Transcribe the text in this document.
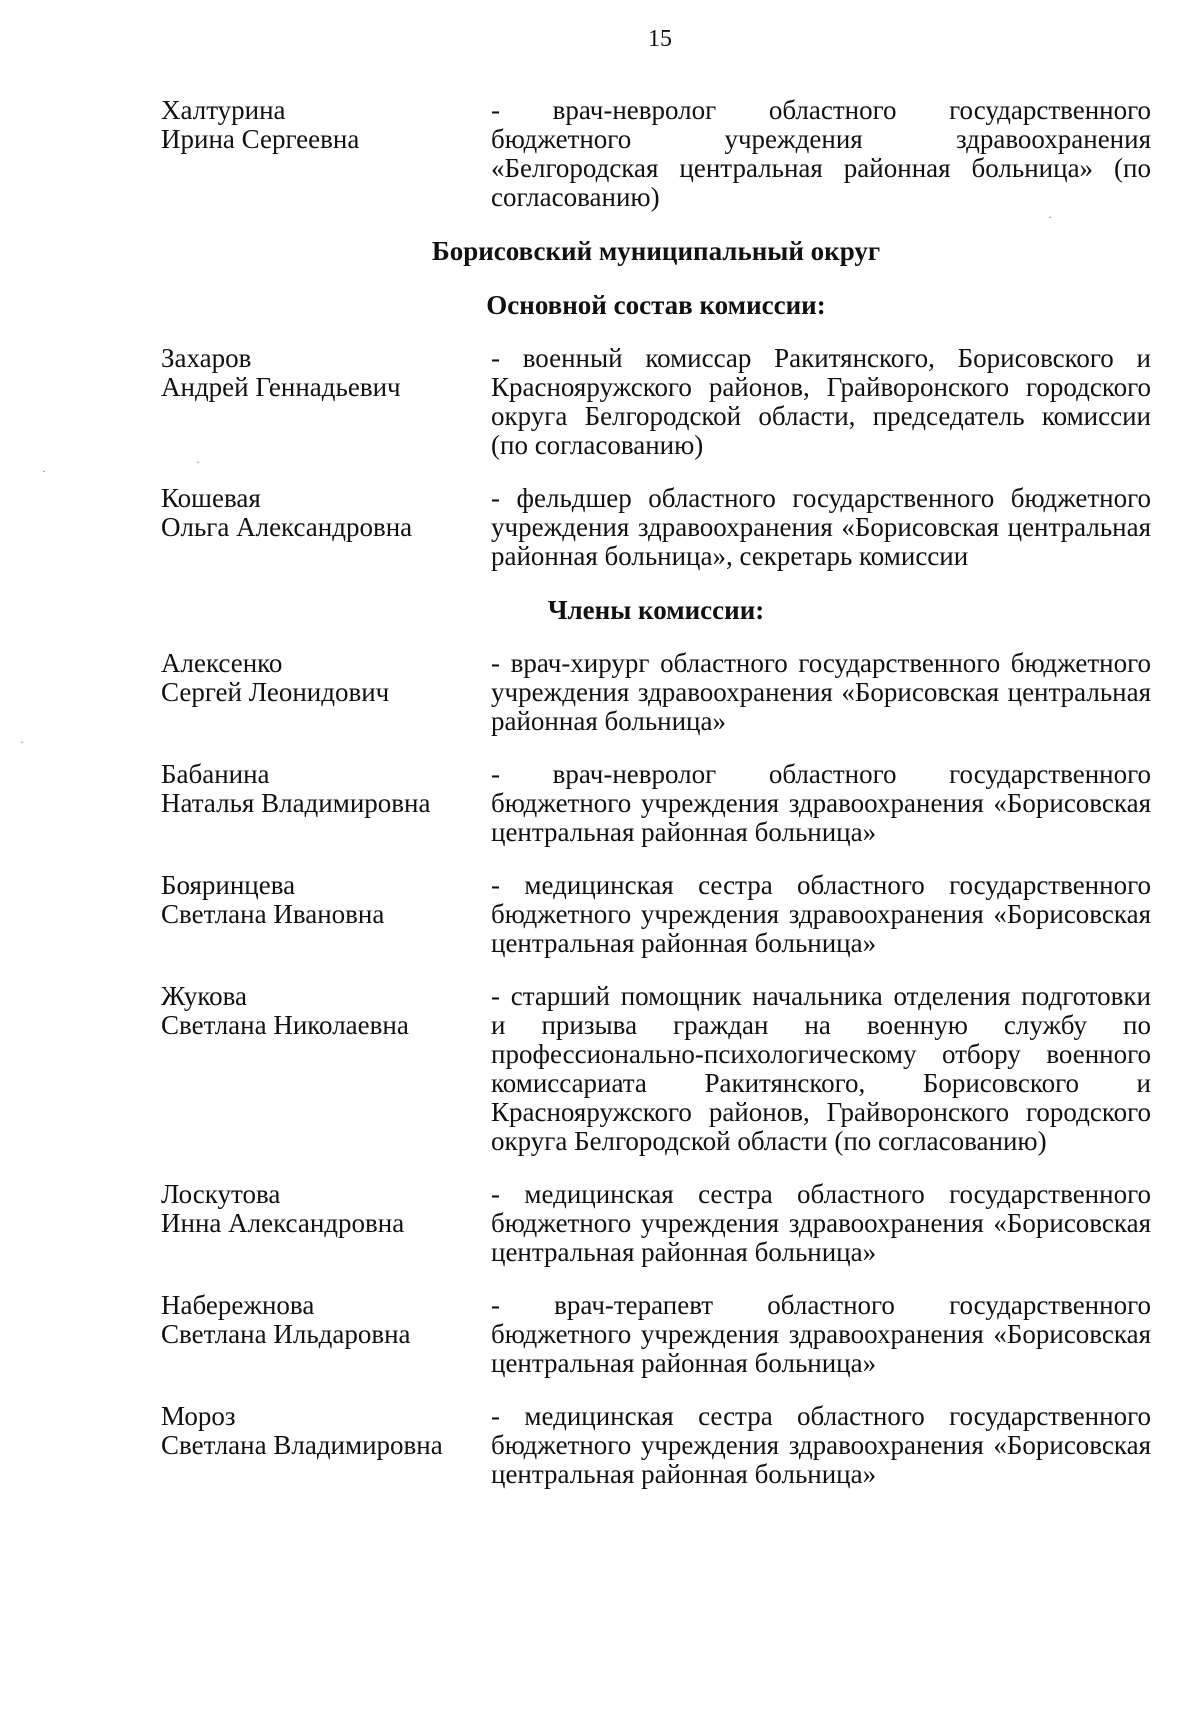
15
·
·
·
·
Халтурина
Ирина Сергеевна
- врач-невролог областного государственного бюджетного учреждения здравоохранения «Белгородская центральная районная больница» (по согласованию)
Борисовский муниципальный округ
Основной состав комиссии:
Захаров
Андрей Геннадьевич
- военный комиссар Ракитянского, Борисовского и Краснояружского районов, Грайворонского городского округа Белгородской области, председатель комиссии (по согласованию)
Кошевая
Ольга Александровна
- фельдшер областного государственного бюджетного учреждения здравоохранения «Борисовская центральная районная больница», секретарь комиссии
Члены комиссии:
Алексенко
Сергей Леонидович
- врач-хирург областного государственного бюджетного учреждения здравоохранения «Борисовская центральная районная больница»
Бабанина
Наталья Владимировна
- врач-невролог областного государственного бюджетного учреждения здравоохранения «Борисовская центральная районная больница»
Бояринцева
Светлана Ивановна
- медицинская сестра областного государственного бюджетного учреждения здравоохранения «Борисовская центральная районная больница»
Жукова
Светлана Николаевна
- старший помощник начальника отделения подготовки и призыва граждан на военную службу по профессионально-психологическому отбору военного комиссариата Ракитянского, Борисовского и Краснояружского районов, Грайворонского городского округа Белгородской области (по согласованию)
Лоскутова
Инна Александровна
- медицинская сестра областного государственного бюджетного учреждения здравоохранения «Борисовская центральная районная больница»
Набережнова
Светлана Ильдаровна
- врач-терапевт областного государственного бюджетного учреждения здравоохранения «Борисовская центральная районная больница»
Мороз
Светлана Владимировна
- медицинская сестра областного государственного бюджетного учреждения здравоохранения «Борисовская центральная районная больница»
